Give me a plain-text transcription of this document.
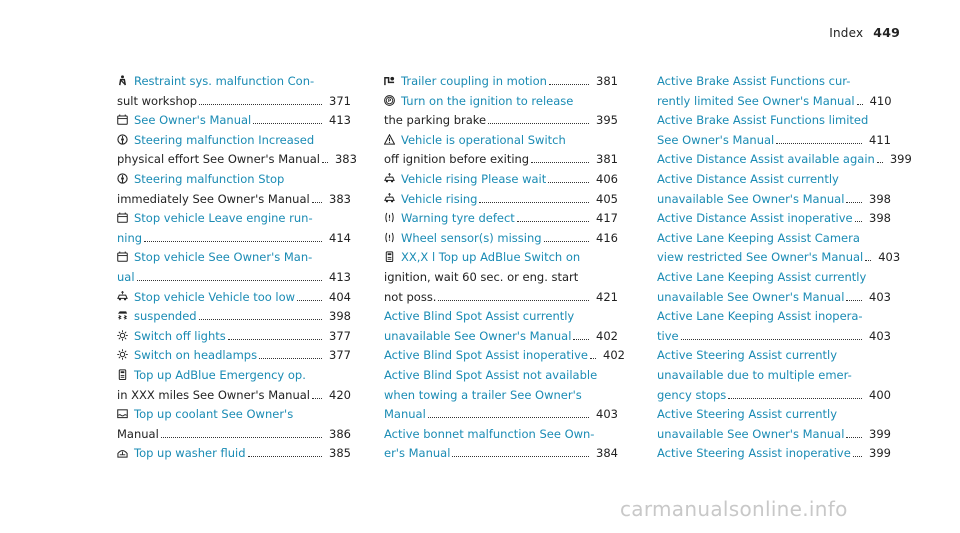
Index 449
Restraint sys. malfunction Con-
sult workshop	371
See Owner's Manual	413
Steering malfunction Increased
physical effort See Owner's Manual 383
Steering malfunction Stop
immediately See Owner's Manual 383
Stop vehicle Leave engine run-
ning	414
Stop vehicle See Owner's Man-
ual	413
Stop vehicle Vehicle too low	404
suspended	398
Switch off lights	377
Switch on headlamps	377
Top up AdBlue Emergency op.
in XXX miles See Owner's Manual 420
Top up coolant See Owner's
Manual	386
Top up washer fluid	385
Trailer coupling in motion	381
P Turn on the ignition to release
the parking brake	395
Vehicle is operational Switch
off ignition before exiting	381
Vehicle rising Please wait	406
Vehicle rising	405
Warning tyre defect	417
Wheel sensor(s) missing	416
XX,X l Top up AdBlue Switch on
ignition, wait 60 sec. or eng. start
not poss.	421
Active Blind Spot Assist currently
unavailable See Owner's Manual 402
Active Blind Spot Assist inoperative 402
Active Blind Spot Assist not available
when towing a trailer See Owner's
Manual	403
Active bonnet malfunction See Own-
er's Manual	384
Active Brake Assist Functions cur-
rently limited See Owner's Manual 410
Active Brake Assist Functions limited
See Owner's Manual	411
Active Distance Assist available again 399
Active Distance Assist currently
unavailable See Owner's Manual 398
Active Distance Assist inoperative 398
Active Lane Keeping Assist Camera
view restricted See Owner's Manual 403
Active Lane Keeping Assist currently
unavailable See Owner's Manual 403
Active Lane Keeping Assist inopera-
tive	403
Active Steering Assist currently
unavailable due to multiple emer-
gency stops	400
Active Steering Assist currently
unavailable See Owner's Manual 399
Active Steering Assist inoperative 399
carmanualsonline.info
